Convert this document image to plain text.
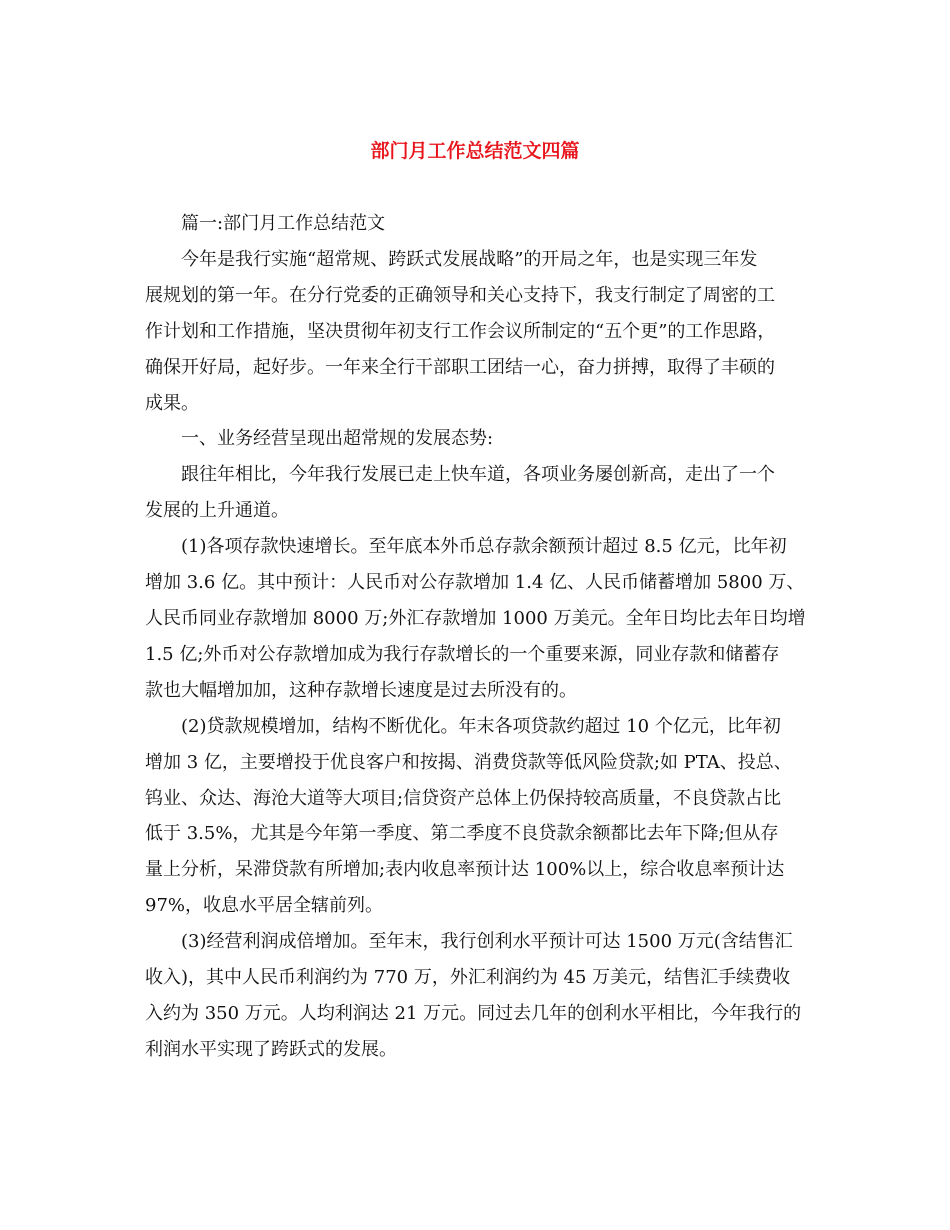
部门月工作总结范文四篇

篇一:部门月工作总结范文

今年是我行实施“超常规、跨跃式发展战略”的开局之年，也是实现三年发
展规划的第一年。在分行党委的正确领导和关心支持下，我支行制定了周密的工
作计划和工作措施，坚决贯彻年初支行工作会议所制定的“五个更”的工作思路，
确保开好局，起好步。一年来全行干部职工团结一心，奋力拼搏，取得了丰硕的
成果。

一、业务经营呈现出超常规的发展态势:

跟往年相比，今年我行发展已走上快车道，各项业务屡创新高，走出了一个
发展的上升通道。

(1)各项存款快速增长。至年底本外币总存款余额预计超过 8.5 亿元，比年初
增加 3.6 亿。其中预计：人民币对公存款增加 1.4 亿、人民币储蓄增加 5800 万、
人民币同业存款增加 8000 万;外汇存款增加 1000 万美元。全年日均比去年日均增
1.5 亿;外币对公存款增加成为我行存款增长的一个重要来源，同业存款和储蓄存
款也大幅增加加，这种存款增长速度是过去所没有的。

(2)贷款规模增加，结构不断优化。年末各项贷款约超过 10 个亿元，比年初
增加 3 亿，主要增投于优良客户和按揭、消费贷款等低风险贷款;如 PTA、投总、
钨业、众达、海沧大道等大项目;信贷资产总体上仍保持较高质量，不良贷款占比
低于 3.5%，尤其是今年第一季度、第二季度不良贷款余额都比去年下降;但从存
量上分析，呆滞贷款有所增加;表内收息率预计达 100%以上，综合收息率预计达
97%，收息水平居全辖前列。

(3)经营利润成倍增加。至年末，我行创利水平预计可达 1500 万元(含结售汇
收入)，其中人民币利润约为 770 万，外汇利润约为 45 万美元，结售汇手续费收
入约为 350 万元。人均利润达 21 万元。同过去几年的创利水平相比，今年我行的
利润水平实现了跨跃式的发展。
